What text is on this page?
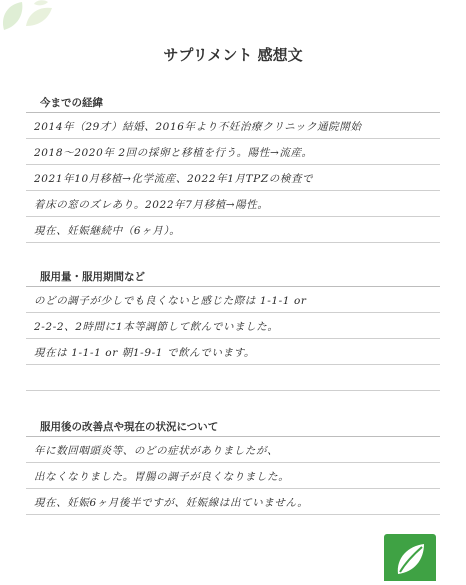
サプリメント 感想文
今までの経緯
2014年（29才）結婚、2016年より不妊治療クリニック通院開始
2018〜2020年 2回の採卵と移植を行う。陽性→流産。
2021年10月移植→化学流産、2022年1月TPZの検査で
着床の窓のズレあり。2022年7月移植→陽性。
現在、妊娠継続中（6ヶ月）。
服用量・服用期間など
のどの調子が少しでも良くないと感じた際は 1-1-1 or
2-2-2、2時間に1本等調節して飲んでいました。
現在は 1-1-1 or 朝1-9-1 で飲んでいます。
服用後の改善点や現在の状況について
年に数回咽頭炎等、のどの症状がありましたが、
出なくなりました。胃腸の調子が良くなりました。
現在、妊娠6ヶ月後半ですが、妊娠線は出ていません。
